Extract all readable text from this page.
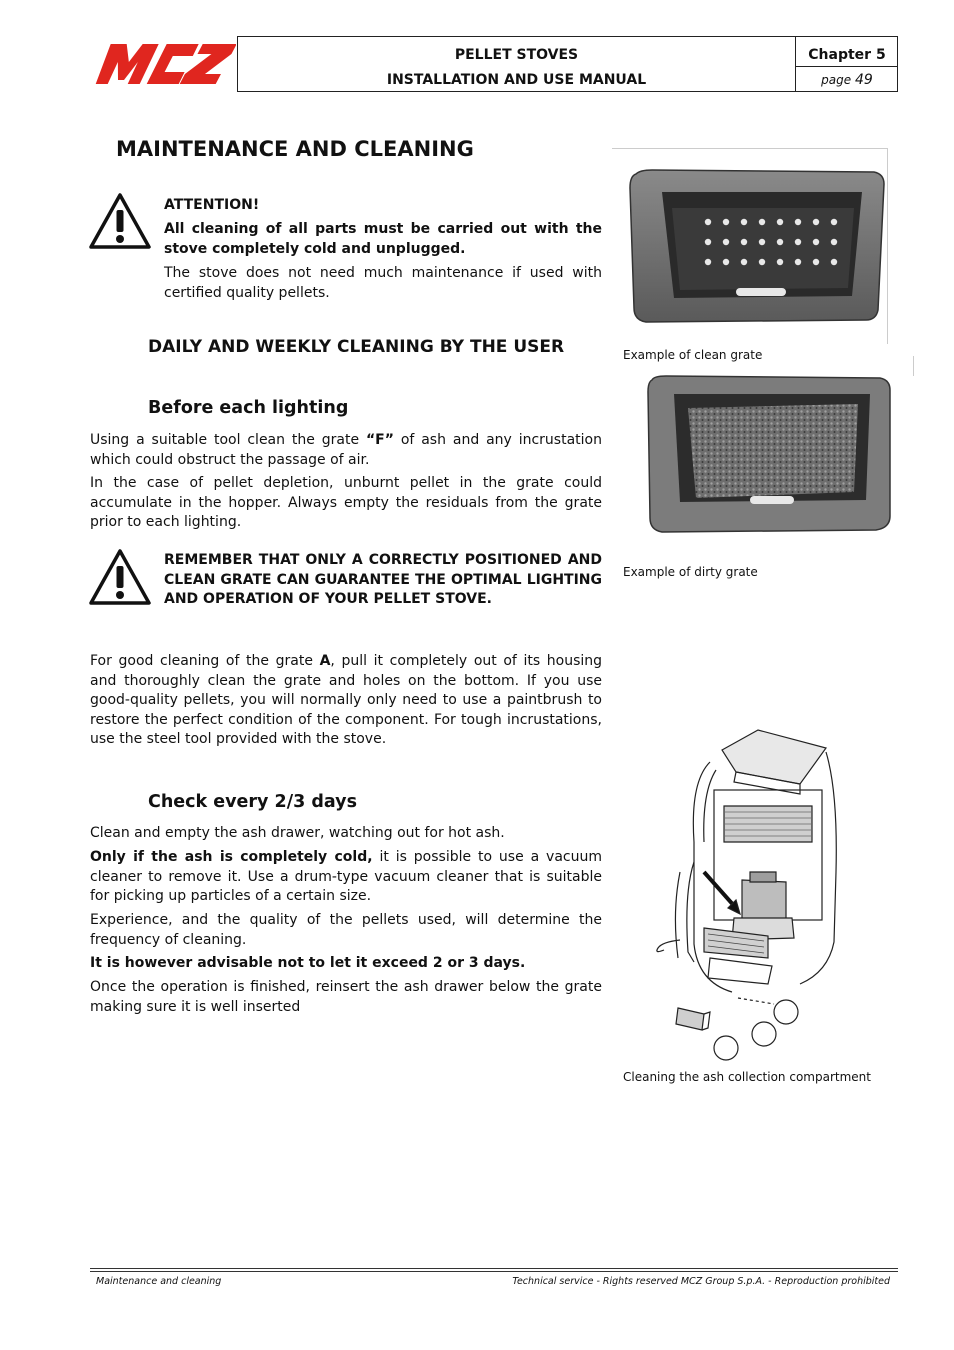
PELLET STOVES
INSTALLATION AND USE MANUAL
Chapter 5
page 49
MAINTENANCE AND CLEANING
ATTENTION!
All cleaning of all parts must be carried out with the stove completely cold and unplugged.
The stove does not need much maintenance if used with certified quality pellets.
DAILY AND WEEKLY CLEANING BY THE USER
Before each lighting
Using a suitable tool clean the grate “F” of ash and any incrustation which could obstruct the passage of air.
In the case of pellet depletion, unburnt pellet in the grate could accumulate in the hopper. Always empty the residuals from the grate prior to each lighting.
REMEMBER THAT ONLY A CORRECTLY POSITIONED AND CLEAN GRATE CAN GUARANTEE THE OPTIMAL LIGHTING AND OPERATION OF YOUR PELLET STOVE.
For good cleaning of the grate A, pull it completely out of its housing and thoroughly clean the grate and holes on the bottom. If you use good-quality pellets, you will normally only need to use a paintbrush to restore the perfect condition of the component. For tough incrustations, use the steel tool provided with the stove.
Check every 2/3 days
Clean and empty the ash drawer, watching out for hot ash.
Only if the ash is completely cold, it is possible to use a vacuum cleaner to remove it. Use a drum-type vacuum cleaner that is suitable for picking up particles of a certain size.
Experience, and the quality of the pellets used, will determine the frequency of cleaning.
It is however advisable not to let it exceed 2 or 3 days.
Once the operation is finished, reinsert the ash drawer below the grate making sure it is well inserted
Example of clean grate
Example of dirty grate
Cleaning the ash collection compartment
Maintenance and cleaning	Technical service - Rights reserved MCZ Group S.p.A. - Reproduction prohibited
